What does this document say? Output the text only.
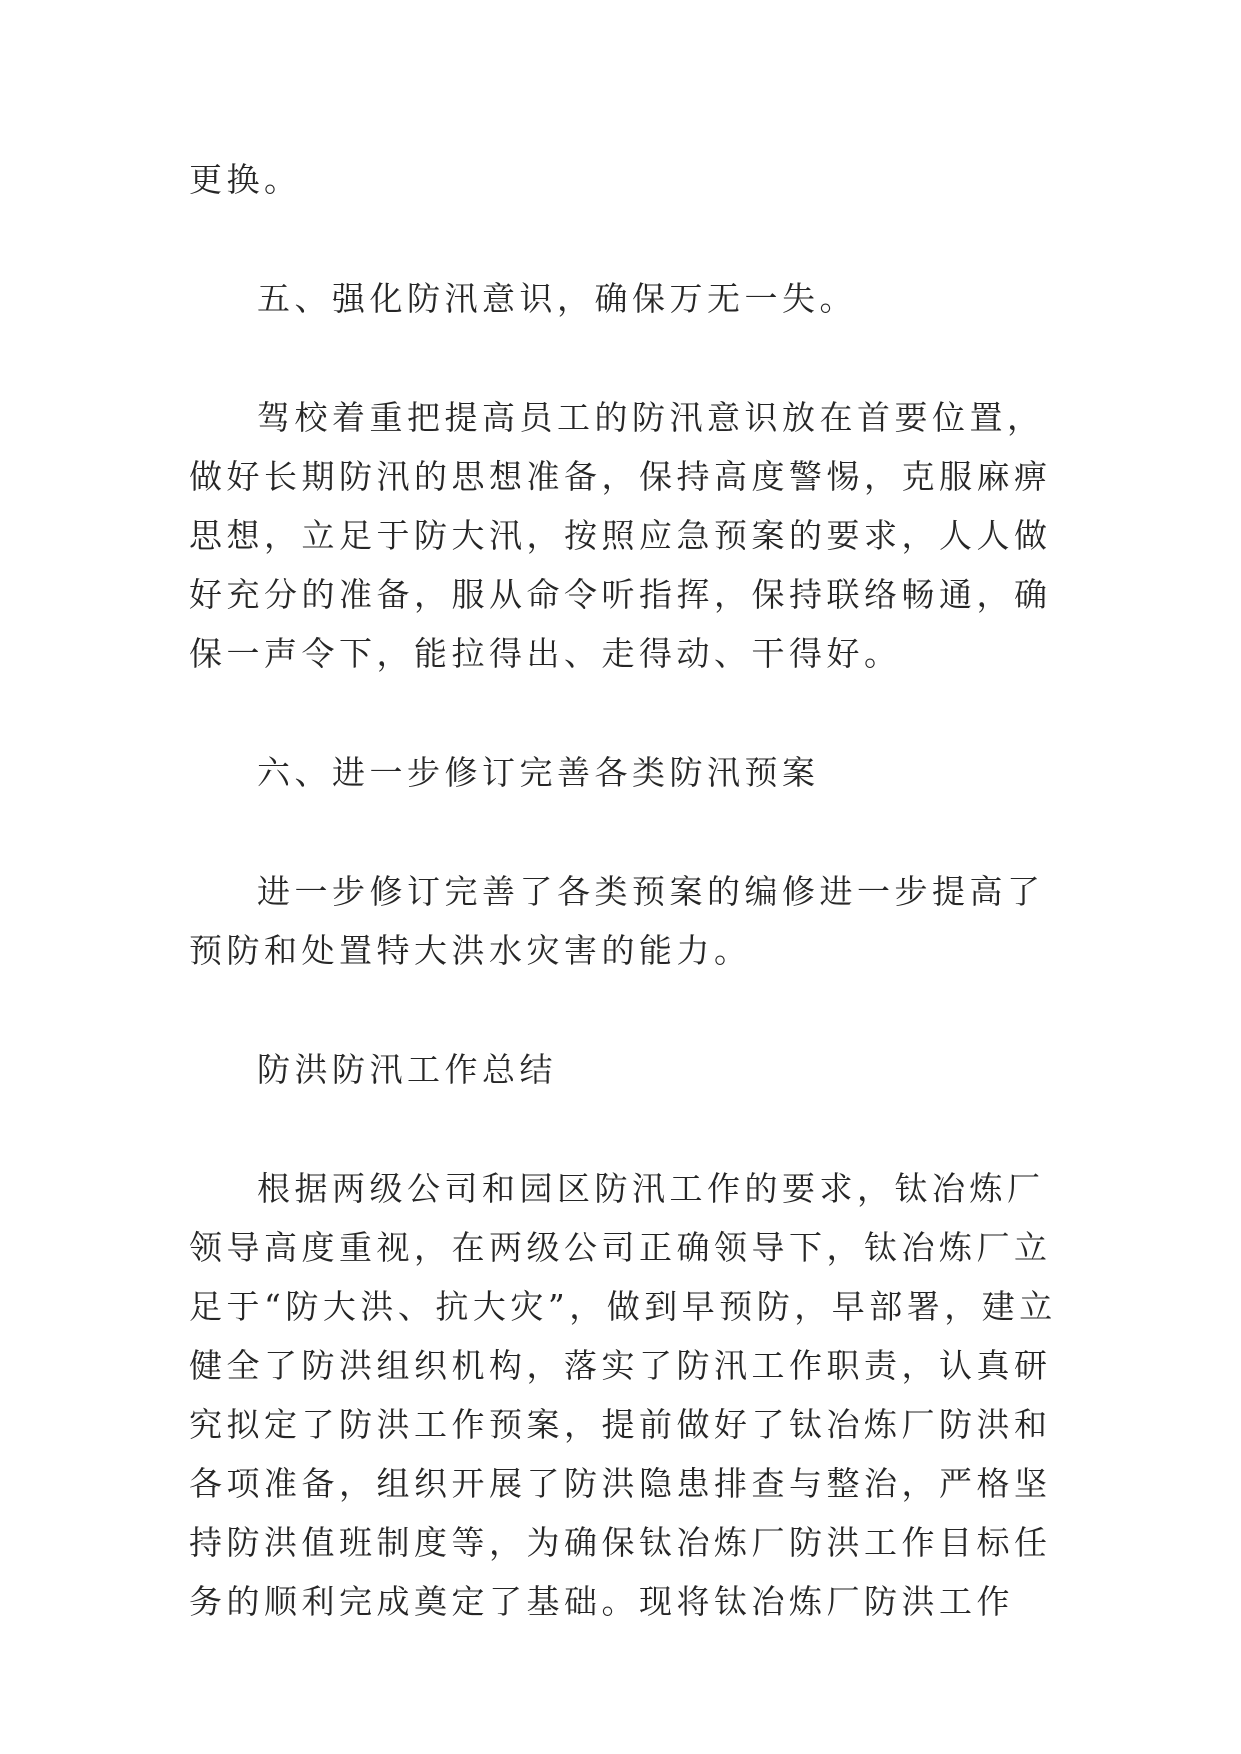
更换。

五、强化防汛意识，确保万无一失。

驾校着重把提高员工的防汛意识放在首要位置，做好长期防汛的思想准备，保持高度警惕，克服麻痹思想，立足于防大汛，按照应急预案的要求，人人做好充分的准备，服从命令听指挥，保持联络畅通，确保一声令下，能拉得出、走得动、干得好。

六、进一步修订完善各类防汛预案

进一步修订完善了各类预案的编修进一步提高了预防和处置特大洪水灾害的能力。

防洪防汛工作总结

根据两级公司和园区防汛工作的要求，钛冶炼厂领导高度重视，在两级公司正确领导下，钛冶炼厂立足于“防大洪、抗大灾”，做到早预防，早部署，建立健全了防洪组织机构，落实了防汛工作职责，认真研究拟定了防洪工作预案，提前做好了钛冶炼厂防洪和各项准备，组织开展了防洪隐患排查与整治，严格坚持防洪值班制度等，为确保钛冶炼厂防洪工作目标任务的顺利完成奠定了基础。现将钛冶炼厂防洪工作
